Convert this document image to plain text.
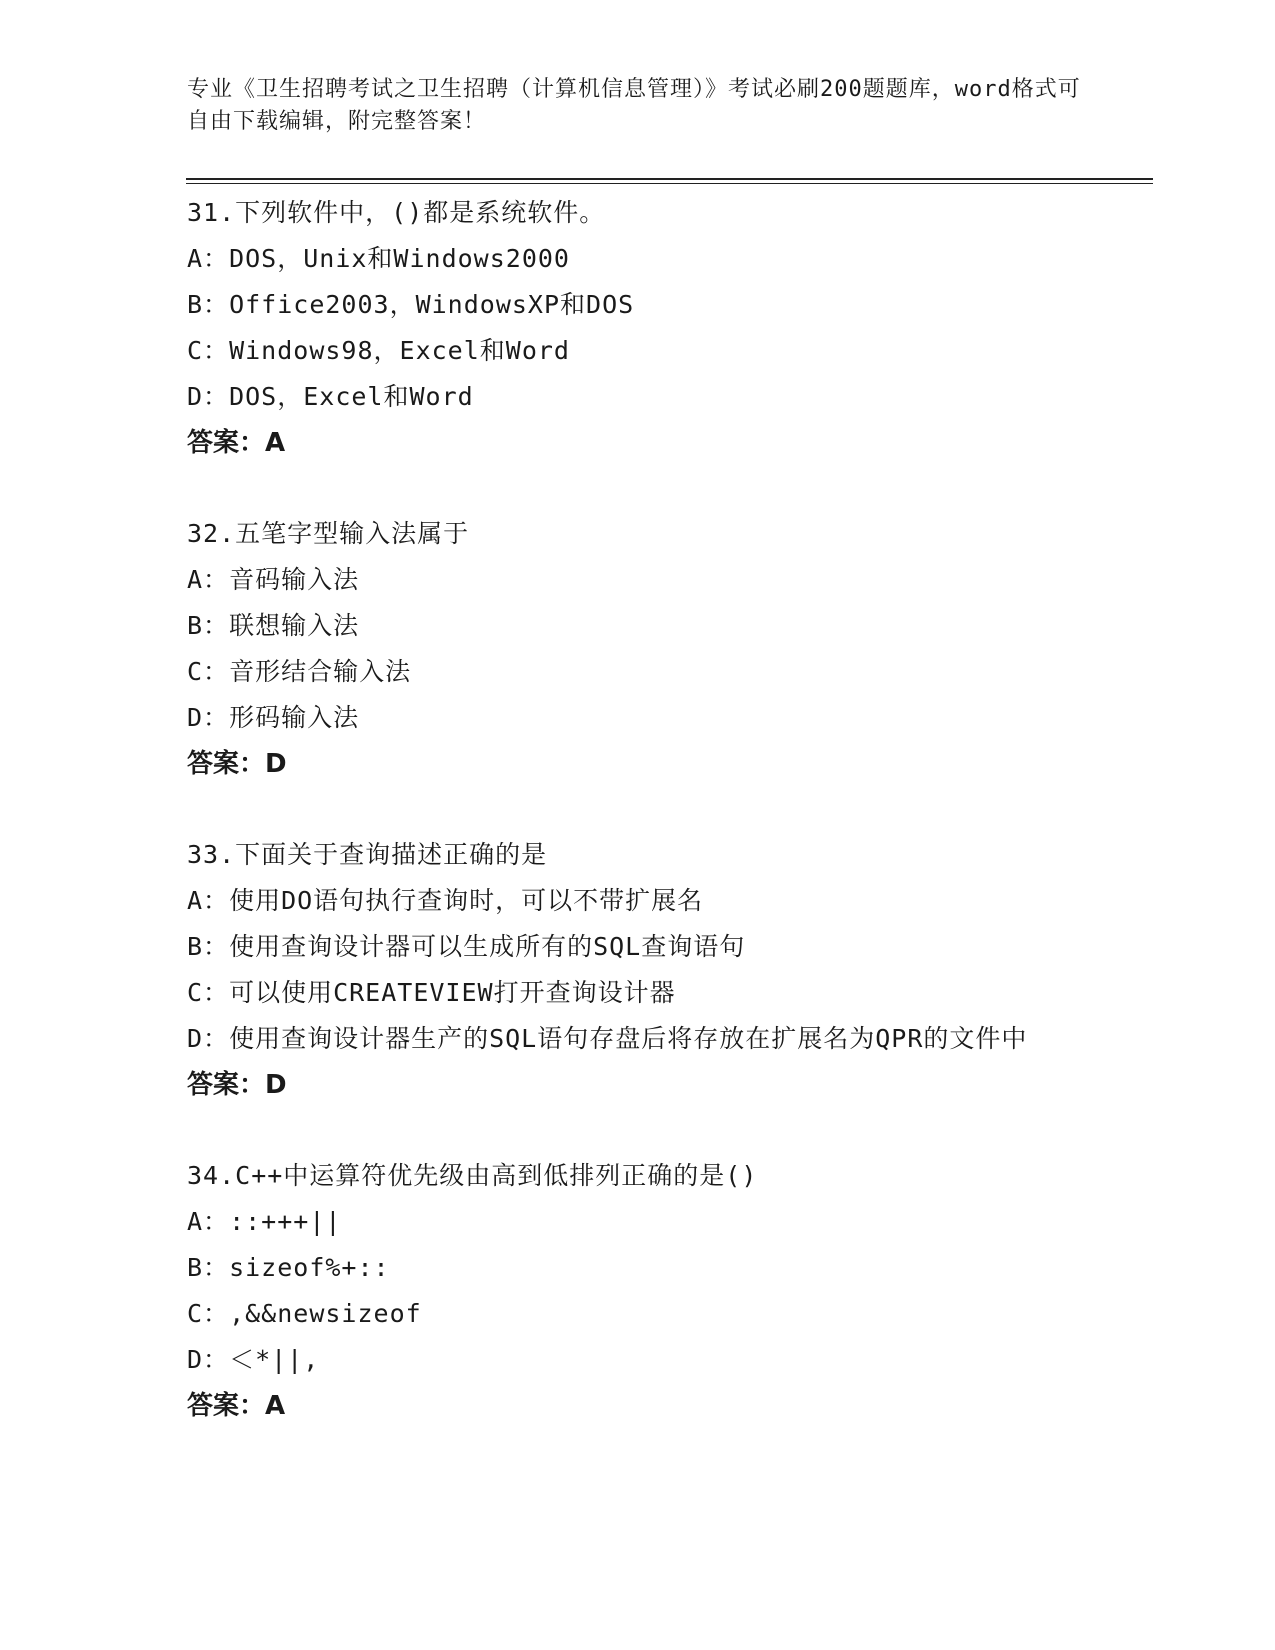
专业《卫生招聘考试之卫生招聘（计算机信息管理）》考试必刷200题题库，word格式可自由下载编辑，附完整答案！
31.下列软件中，()都是系统软件。
A：DOS，Unix和Windows2000
B：Office2003，WindowsXP和DOS
C：Windows98，Excel和Word
D：DOS，Excel和Word
答案：A
32.五笔字型输入法属于
A：音码输入法
B：联想输入法
C：音形结合输入法
D：形码输入法
答案：D
33.下面关于查询描述正确的是
A：使用DO语句执行查询时，可以不带扩展名
B：使用查询设计器可以生成所有的SQL查询语句
C：可以使用CREATEVIEW打开查询设计器
D：使用查询设计器生产的SQL语句存盘后将存放在扩展名为QPR的文件中
答案：D
34.C++中运算符优先级由高到低排列正确的是()
A：::+++||
B：sizeof%+::
C：,&&newsizeof
D：＜*||,
答案：A
